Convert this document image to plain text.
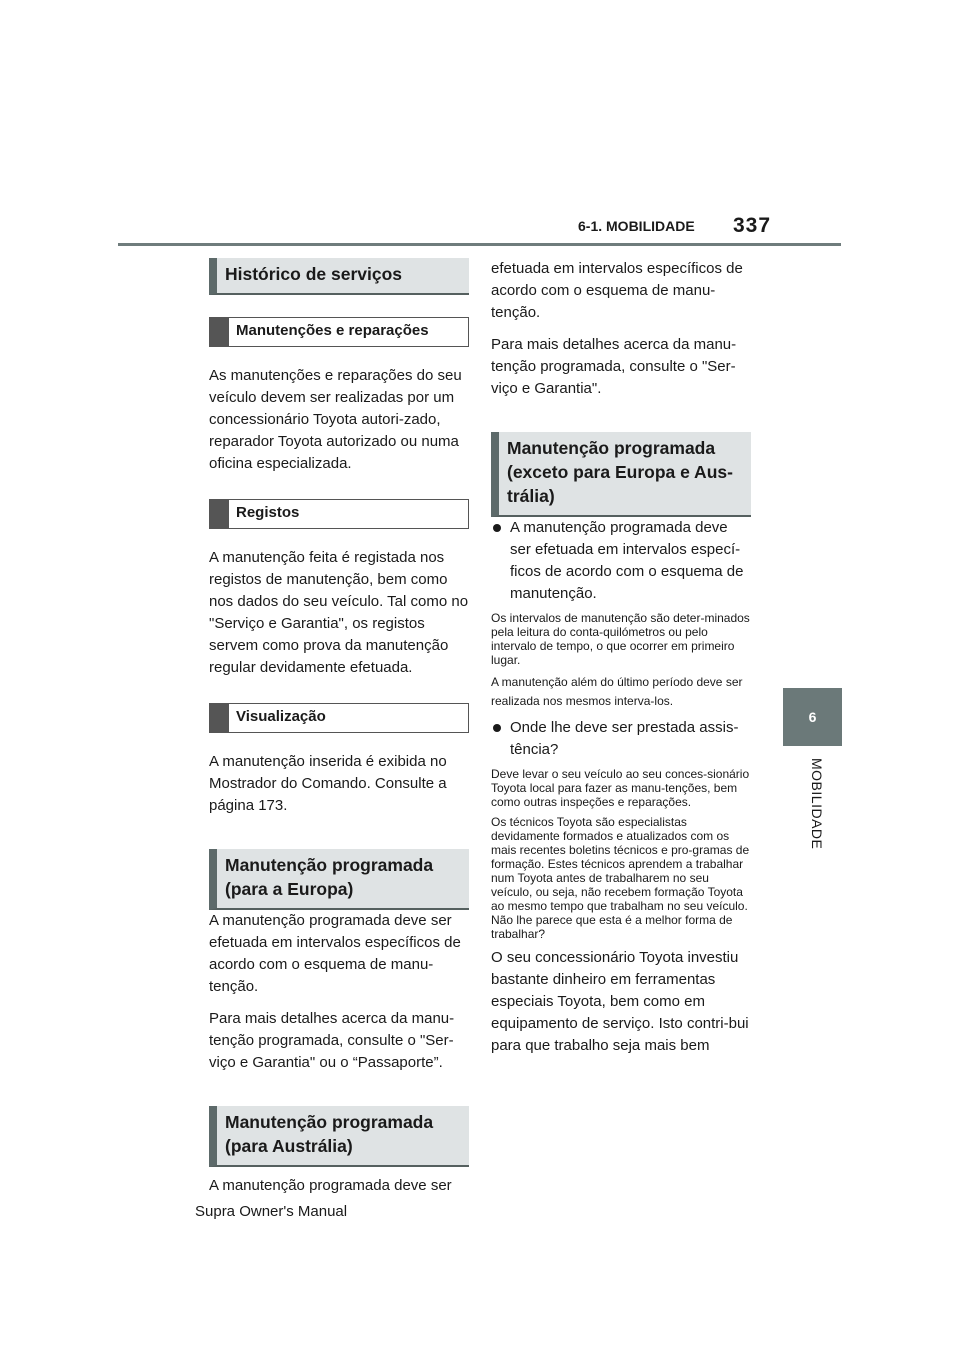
6-1. MOBILIDADE 337
6
MOBILIDADE
Histórico de serviços
Manutenções e reparações

As manutenções e reparações do seu veículo devem ser realizadas por um concessionário Toyota autori-zado, reparador Toyota autorizado ou numa oficina especializada.

Registos

A manutenção feita é registada nos registos de manutenção, bem como nos dados do seu veículo. Tal como no "Serviço e Garantia", os registos servem como prova da manutenção regular devidamente efetuada.

Visualização

A manutenção inserida é exibida no Mostrador do Comando. Consulte a página 173.

Manutenção programada (para a Europa)

A manutenção programada deve ser efetuada em intervalos específicos de acordo com o esquema de manu-tenção.

Para mais detalhes acerca da manu-tenção programada, consulte o "Ser-viço e Garantia" ou o “Passaporte”.

Manutenção programada (para Austrália)

A manutenção programada deve ser

efetuada em intervalos específicos de acordo com o esquema de manu-tenção.

Para mais detalhes acerca da manu-tenção programada, consulte o "Ser-viço e Garantia".

Manutenção programada (exceto para Europa e Aus-trália)

A manutenção programada deve ser efetuada em intervalos especí-ficos de acordo com o esquema de manutenção.

Os intervalos de manutenção são deter-minados pela leitura do conta-quilómetros ou pelo intervalo de tempo, o que ocorrer em primeiro lugar.

A manutenção além do último período deve ser realizada nos mesmos interva-los.

Onde lhe deve ser prestada assis-tência?

Deve levar o seu veículo ao seu conces-sionário Toyota local para fazer as manu-tenções, bem como outras inspeções e reparações.

Os técnicos Toyota são especialistas devidamente formados e atualizados com os mais recentes boletins técnicos e pro-gramas de formação. Estes técnicos aprendem a trabalhar num Toyota antes de trabalharem no seu veículo, ou seja, não recebem formação Toyota ao mesmo tempo que trabalham no seu veículo. Não lhe parece que esta é a melhor forma de trabalhar?

O seu concessionário Toyota investiu bastante dinheiro em ferramentas especiais Toyota, bem como em equipamento de serviço. Isto contri-bui para que trabalho seja mais bem

Supra Owner's Manual
